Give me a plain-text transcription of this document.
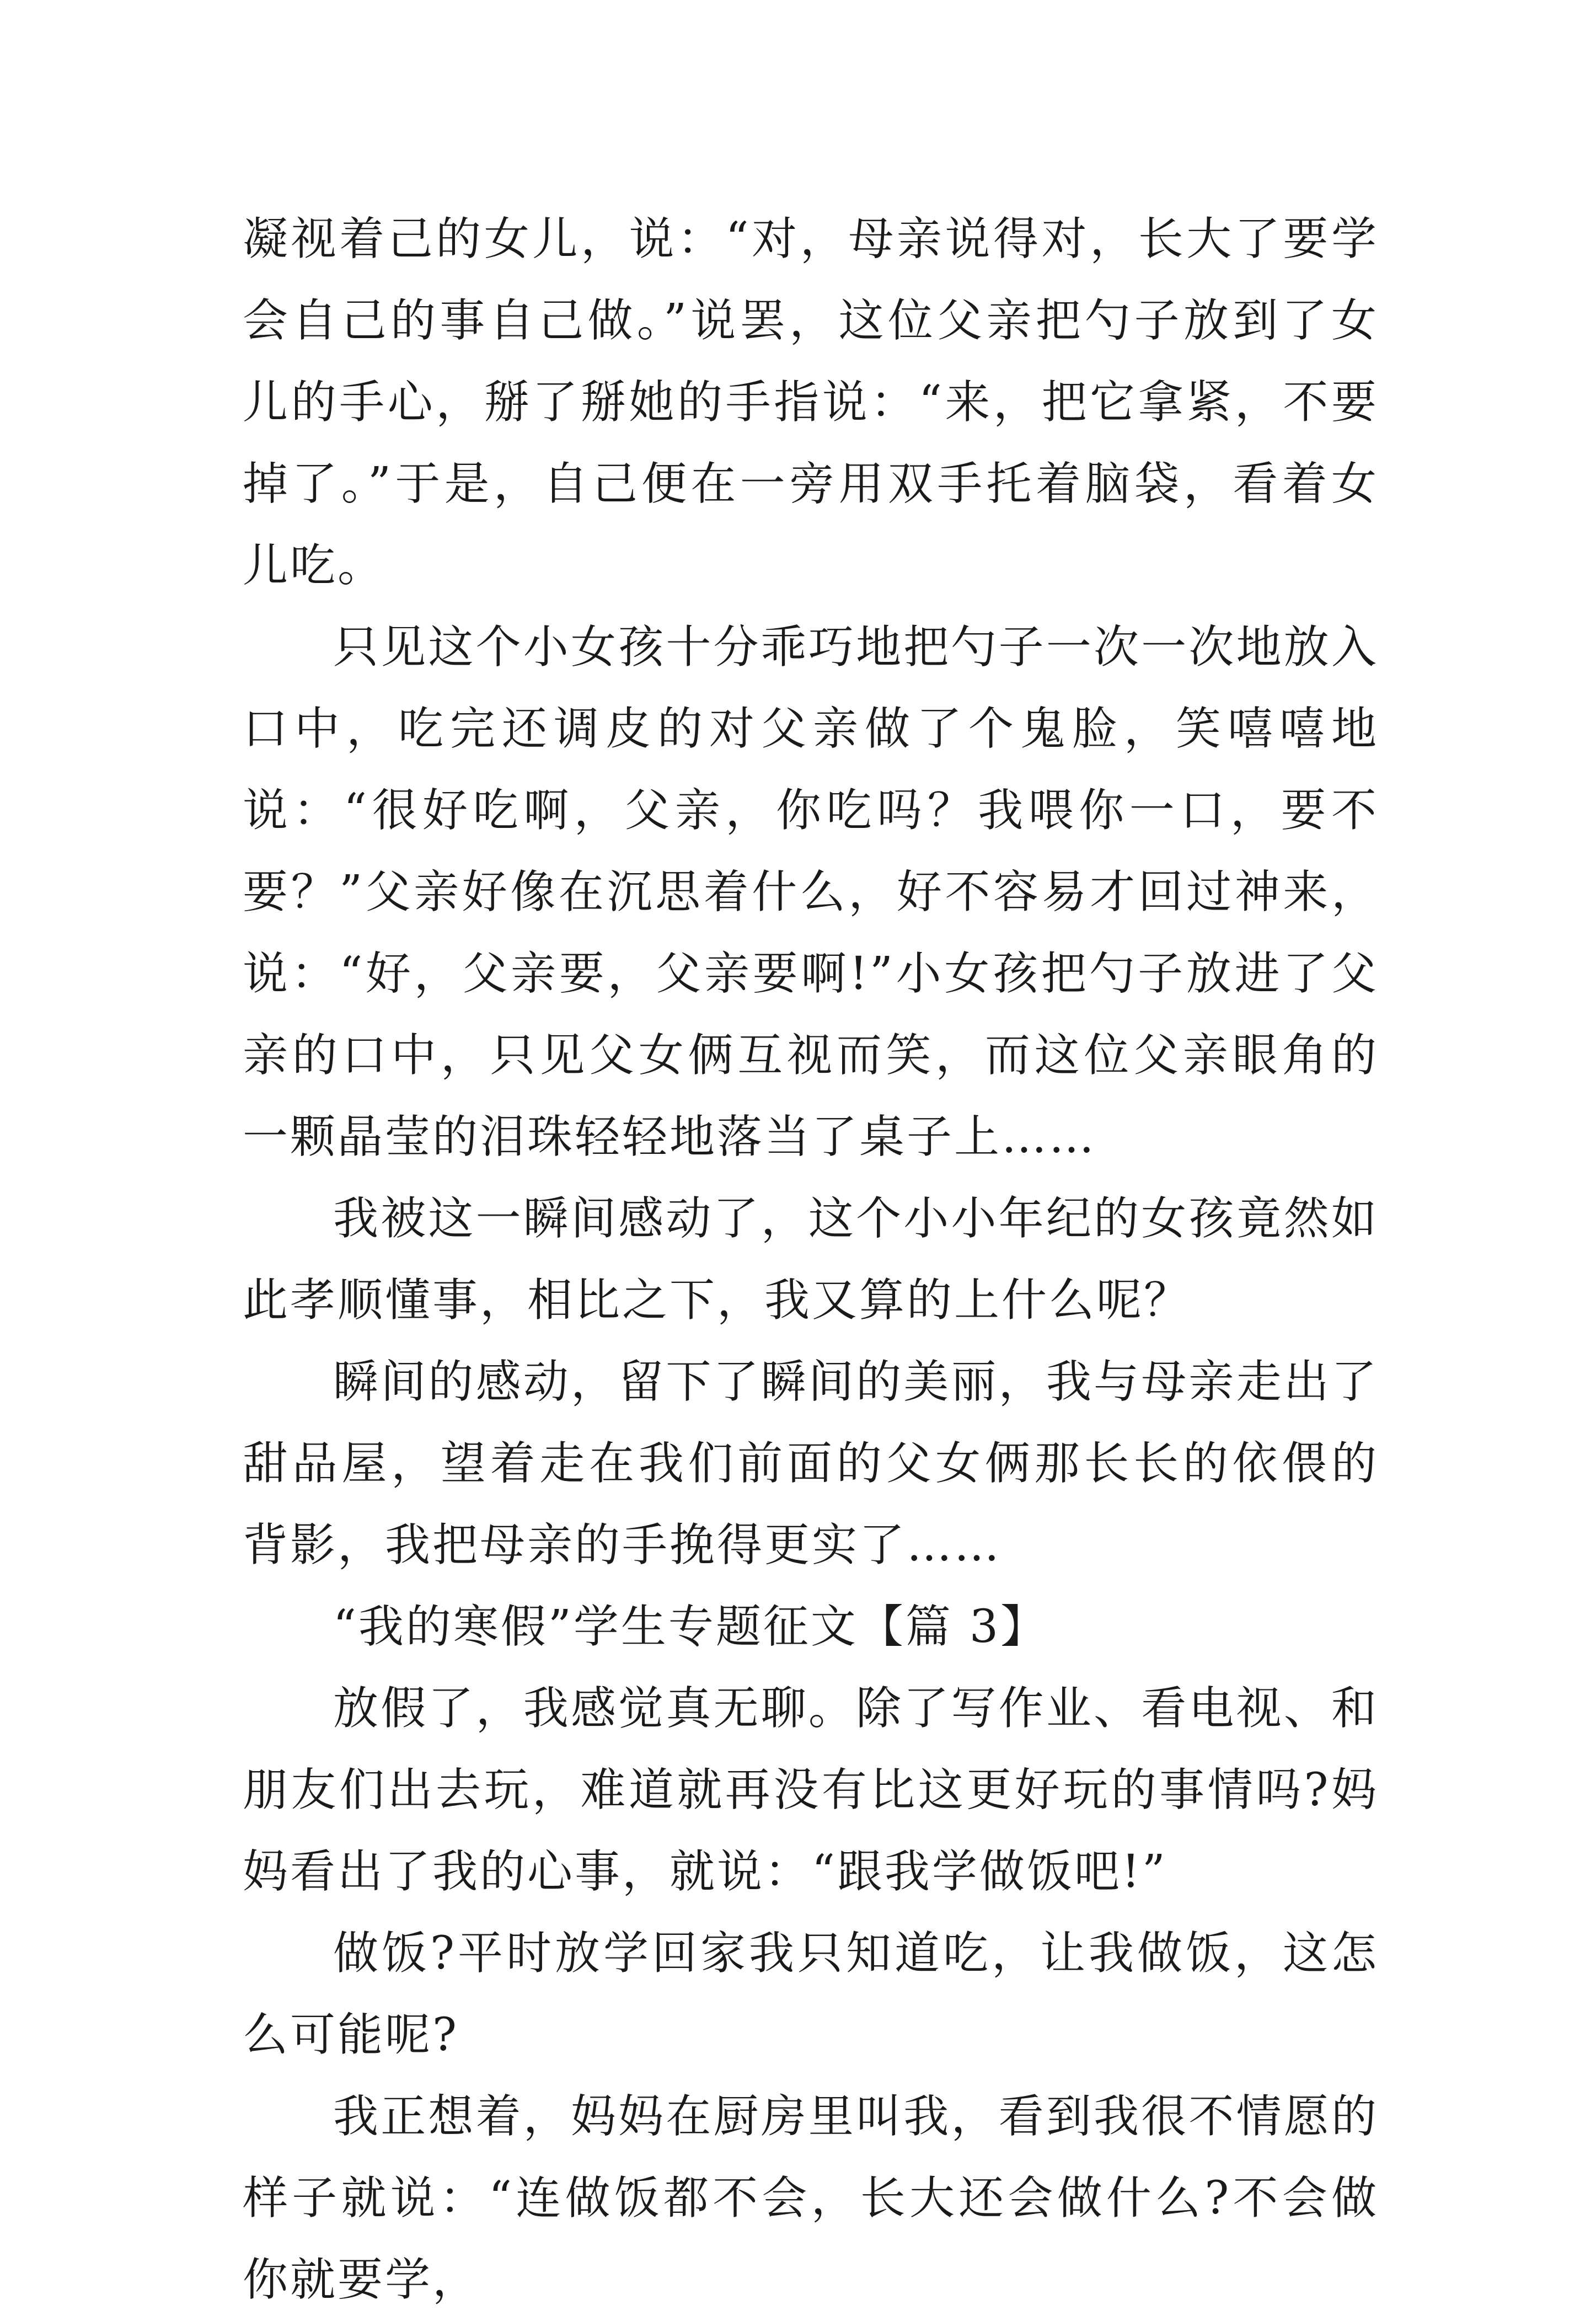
凝视着己的女儿，说：“对，母亲说得对，长大了要学会自己的事自己做。”说罢，这位父亲把勺子放到了女儿的手心，掰了掰她的手指说：“来，把它拿紧，不要掉了。”于是，自己便在一旁用双手托着脑袋，看着女儿吃。

只见这个小女孩十分乖巧地把勺子一次一次地放入口中，吃完还调皮的对父亲做了个鬼脸，笑嘻嘻地说：“很好吃啊，父亲，你吃吗？我喂你一口，要不要？”父亲好像在沉思着什么，好不容易才回过神来，说：“好，父亲要，父亲要啊!”小女孩把勺子放进了父亲的口中，只见父女俩互视而笑，而这位父亲眼角的一颗晶莹的泪珠轻轻地落当了桌子上……

我被这一瞬间感动了，这个小小年纪的女孩竟然如此孝顺懂事，相比之下，我又算的上什么呢？

瞬间的感动，留下了瞬间的美丽，我与母亲走出了甜品屋，望着走在我们前面的父女俩那长长的依偎的背影，我把母亲的手挽得更实了……

“我的寒假”学生专题征文【篇 3】

放假了，我感觉真无聊。除了写作业、看电视、和朋友们出去玩，难道就再没有比这更好玩的事情吗?妈妈看出了我的心事，就说：“跟我学做饭吧!”

做饭?平时放学回家我只知道吃，让我做饭，这怎么可能呢?

我正想着，妈妈在厨房里叫我，看到我很不情愿的样子就说：“连做饭都不会，长大还会做什么?不会做你就要学，
